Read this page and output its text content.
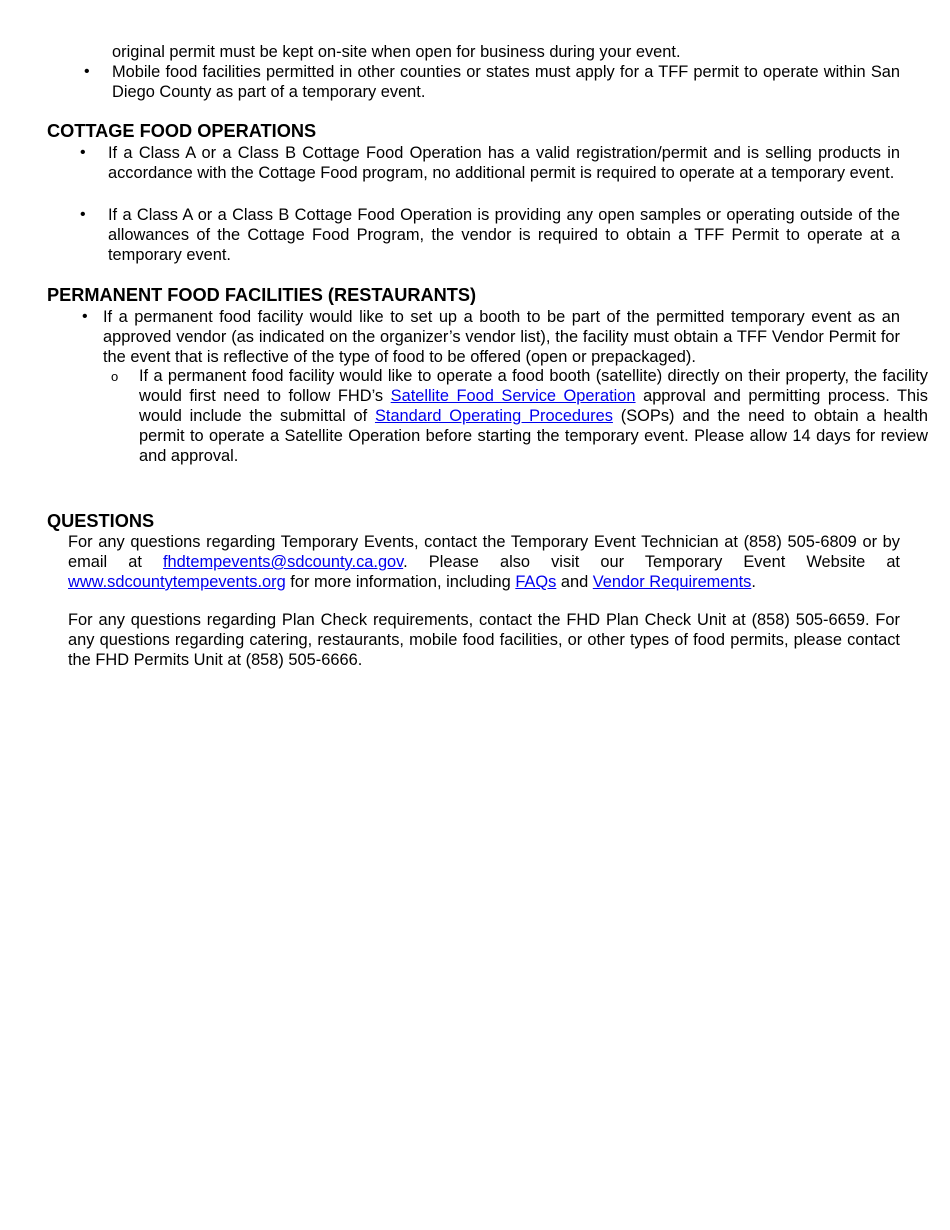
original permit must be kept on-site when open for business during your event.
• Mobile food facilities permitted in other counties or states must apply for a TFF permit to operate within San Diego County as part of a temporary event.
COTTAGE FOOD OPERATIONS
• If a Class A or a Class B Cottage Food Operation has a valid registration/permit and is selling products in accordance with the Cottage Food program, no additional permit is required to operate at a temporary event.
• If a Class A or a Class B Cottage Food Operation is providing any open samples or operating outside of the allowances of the Cottage Food Program, the vendor is required to obtain a TFF Permit to operate at a temporary event.
PERMANENT FOOD FACILITIES (RESTAURANTS)
• If a permanent food facility would like to set up a booth to be part of the permitted temporary event as an approved vendor (as indicated on the organizer’s vendor list), the facility must obtain a TFF Vendor Permit for the event that is reflective of the type of food to be offered (open or prepackaged).
o If a permanent food facility would like to operate a food booth (satellite) directly on their property, the facility would first need to follow FHD’s Satellite Food Service Operation approval and permitting process. This would include the submittal of Standard Operating Procedures (SOPs) and the need to obtain a health permit to operate a Satellite Operation before starting the temporary event. Please allow 14 days for review and approval.
QUESTIONS
For any questions regarding Temporary Events, contact the Temporary Event Technician at (858) 505-6809 or by email at fhdtempevents@sdcounty.ca.gov. Please also visit our Temporary Event Website at www.sdcountytempevents.org for more information, including FAQs and Vendor Requirements.
For any questions regarding Plan Check requirements, contact the FHD Plan Check Unit at (858) 505-6659. For any questions regarding catering, restaurants, mobile food facilities, or other types of food permits, please contact the FHD Permits Unit at (858) 505-6666.
